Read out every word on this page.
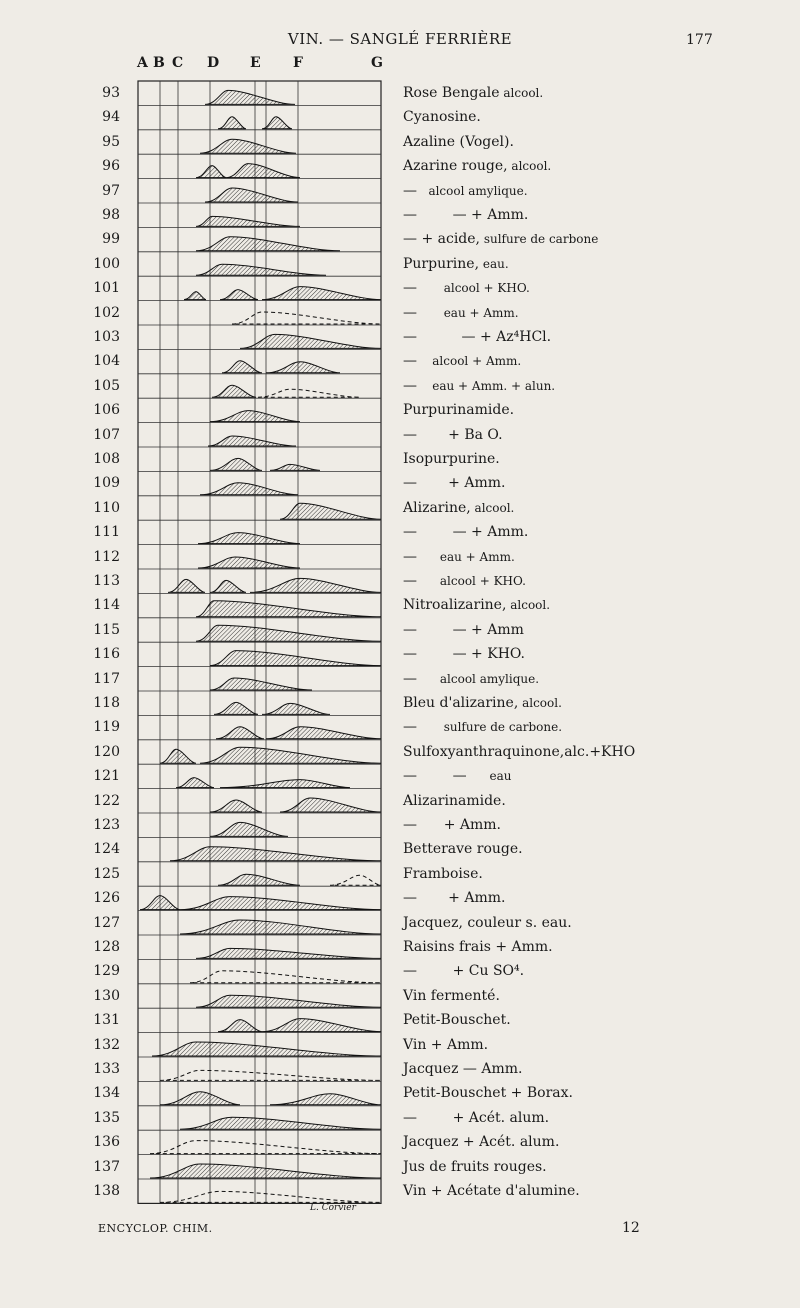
VIN. — SANGLÉ FERRIÈRE	177
A B C D E F	G
93	Rose Bengale alcool.
94	Cyanosine.
95	Azaline (Vogel).
96	Azarine rouge, alcool.
97	—   alcool amylique.
98	—        — + Amm.
99	— + acide, sulfure de carbone
100	Purpurine, eau.
101	—       alcool + KHO.
102	—       eau + Amm.
103	—          — + Az⁴HCl.
104	—    alcool + Amm.
105	—    eau + Amm. + alun.
106	Purpurinamide.
107	—       + Ba O.
108	Isopurpurine.
109	—       + Amm.
110	Alizarine, alcool.
111	—        — + Amm.
112	—      eau + Amm.
113	—      alcool + KHO.
114	Nitroalizarine, alcool.
115	—        — + Amm
116	—        — + KHO.
117	—      alcool amylique.
118	Bleu d'alizarine, alcool.
119	—       sulfure de carbone.
120	Sulfoxyanthraquinone,alc.+KHO
121	—        —      eau
122	Alizarinamide.
123	—      + Amm.
124	Betterave rouge.
125	Framboise.
126	—       + Amm.
127	Jacquez, couleur s. eau.
128	Raisins frais + Amm.
129	—        + Cu SO⁴.
130	Vin fermenté.
131	Petit-Bouschet.
132	Vin + Amm.
133	Jacquez — Amm.
134	Petit-Bouschet + Borax.
135	—        + Acét. alum.
136	Jacquez + Acét. alum.
137	Jus de fruits rouges.
138	Vin + Acétate d'alumine.
L. Corvier
ENCYCLOP. CHIM.	12
